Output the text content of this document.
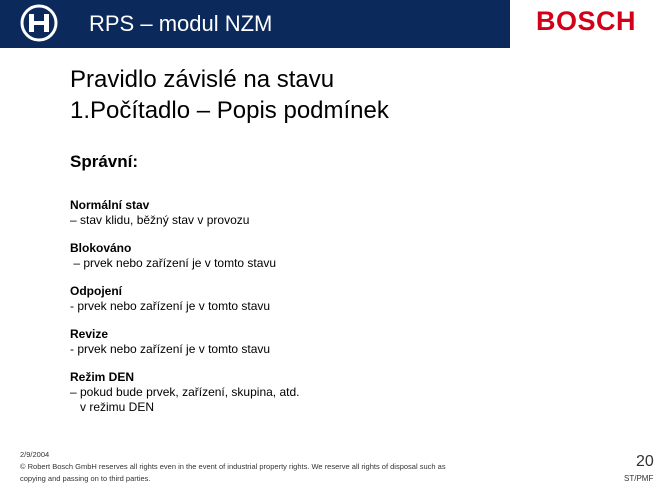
RPS – modul NZM	BOSCH
Pravidlo závislé na stavu
1.Počítadlo – Popis podmínek
Správní:
Normální stav
– stav klidu, běžný stav v provozu
Blokováno
– prvek nebo zařízení je v tomto stavu
Odpojení
- prvek nebo zařízení je v tomto stavu
Revize
- prvek nebo zařízení je v tomto stavu
Režim DEN
– pokud bude prvek, zařízení, skupina, atd.
v režimu DEN
2/9/2004
© Robert Bosch GmbH reserves all rights even in the event of industrial property rights. We reserve all rights of disposal such as
copying and passing on to third parties.
20
ST/PMF
